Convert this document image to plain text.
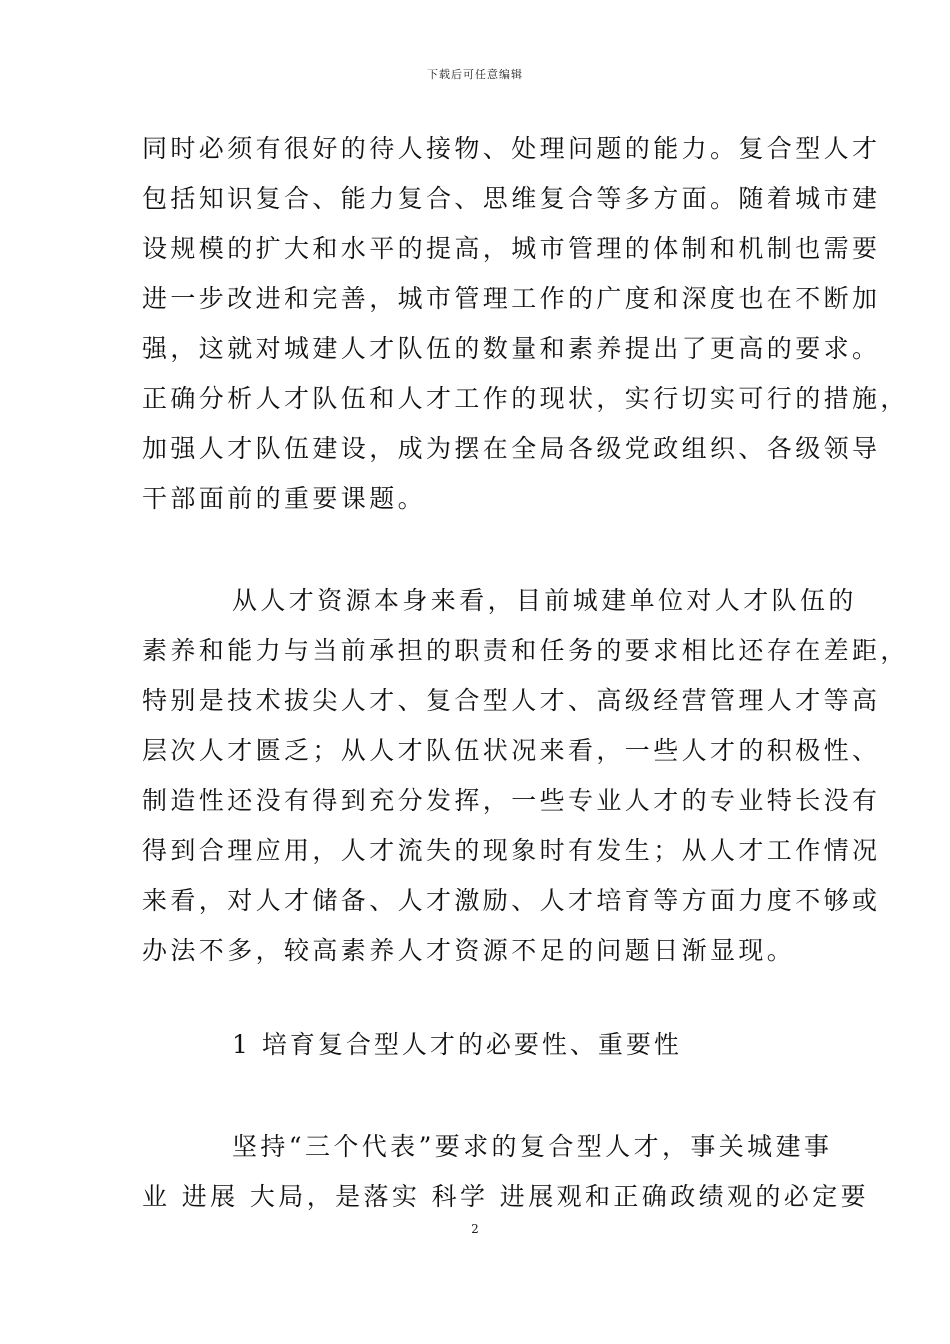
下载后可任意编辑
同时必须有很好的待人接物、处理问题的能力。复合型人才
包括知识复合、能力复合、思维复合等多方面。随着城市建
设规模的扩大和水平的提高，城市管理的体制和机制也需要
进一步改进和完善，城市管理工作的广度和深度也在不断加
强，这就对城建人才队伍的数量和素养提出了更高的要求。
正确分析人才队伍和人才工作的现状，实行切实可行的措施，
加强人才队伍建设，成为摆在全局各级党政组织、各级领导
干部面前的重要课题。
从人才资源本身来看，目前城建单位对人才队伍的
素养和能力与当前承担的职责和任务的要求相比还存在差距，
特别是技术拔尖人才、复合型人才、高级经营管理人才等高
层次人才匮乏；从人才队伍状况来看，一些人才的积极性、
制造性还没有得到充分发挥，一些专业人才的专业特长没有
得到合理应用，人才流失的现象时有发生；从人才工作情况
来看，对人才储备、人才激励、人才培育等方面力度不够或
办法不多，较高素养人才资源不足的问题日渐显现。
1 培育复合型人才的必要性、重要性
坚持“三个代表”要求的复合型人才，事关城建事
业 进展 大局，是落实 科学 进展观和正确政绩观的必定要
2
